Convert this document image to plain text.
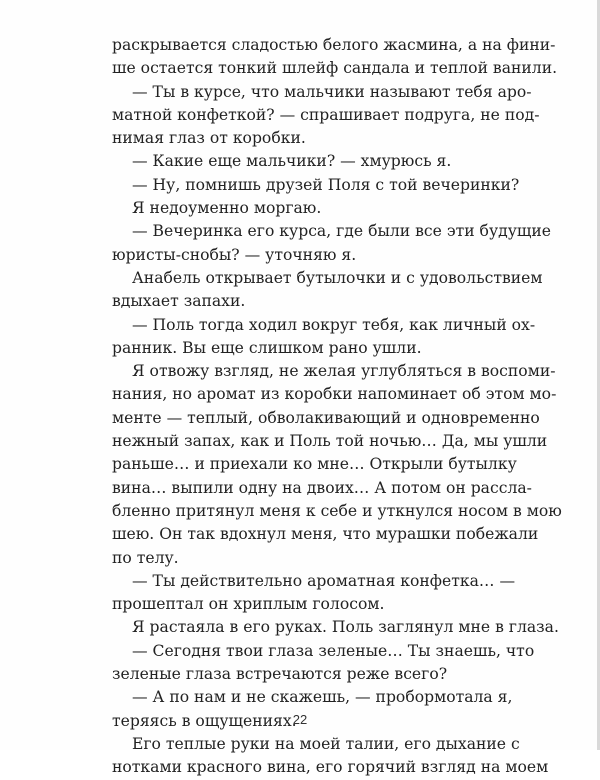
раскрывается сладостью белого жасмина, а на фини-
ше остается тонкий шлейф сандала и теплой ванили.
— Ты в курсе, что мальчики называют тебя аро-
матной конфеткой? — спрашивает подруга, не под-
нимая глаз от коробки.
— Какие еще мальчики? — хмурюсь я.
— Ну, помнишь друзей Поля с той вечеринки?
Я недоуменно моргаю.
— Вечеринка его курса, где были все эти будущие
юристы-снобы? — уточняю я.
Анабель открывает бутылочки и с удовольствием
вдыхает запахи.
— Поль тогда ходил вокруг тебя, как личный ох-
ранник. Вы еще слишком рано ушли.
Я отвожу взгляд, не желая углубляться в воспоми-
нания, но аромат из коробки напоминает об этом мо-
менте — теплый, обволакивающий и одновременно
нежный запах, как и Поль той ночью… Да, мы ушли
раньше… и приехали ко мне… Открыли бутылку
вина… выпили одну на двоих… А потом он рассла-
бленно притянул меня к себе и уткнулся носом в мою
шею. Он так вдохнул меня, что мурашки побежали
по телу.
— Ты действительно ароматная конфетка… —
прошептал он хриплым голосом.
Я растаяла в его руках. Поль заглянул мне в глаза.
— Сегодня твои глаза зеленые… Ты знаешь, что
зеленые глаза встречаются реже всего?
— А по нам и не скажешь, — пробормотала я,
теряясь в ощущениях.
Его теплые руки на моей талии, его дыхание с
нотками красного вина, его горячий взгляд на моем
22
